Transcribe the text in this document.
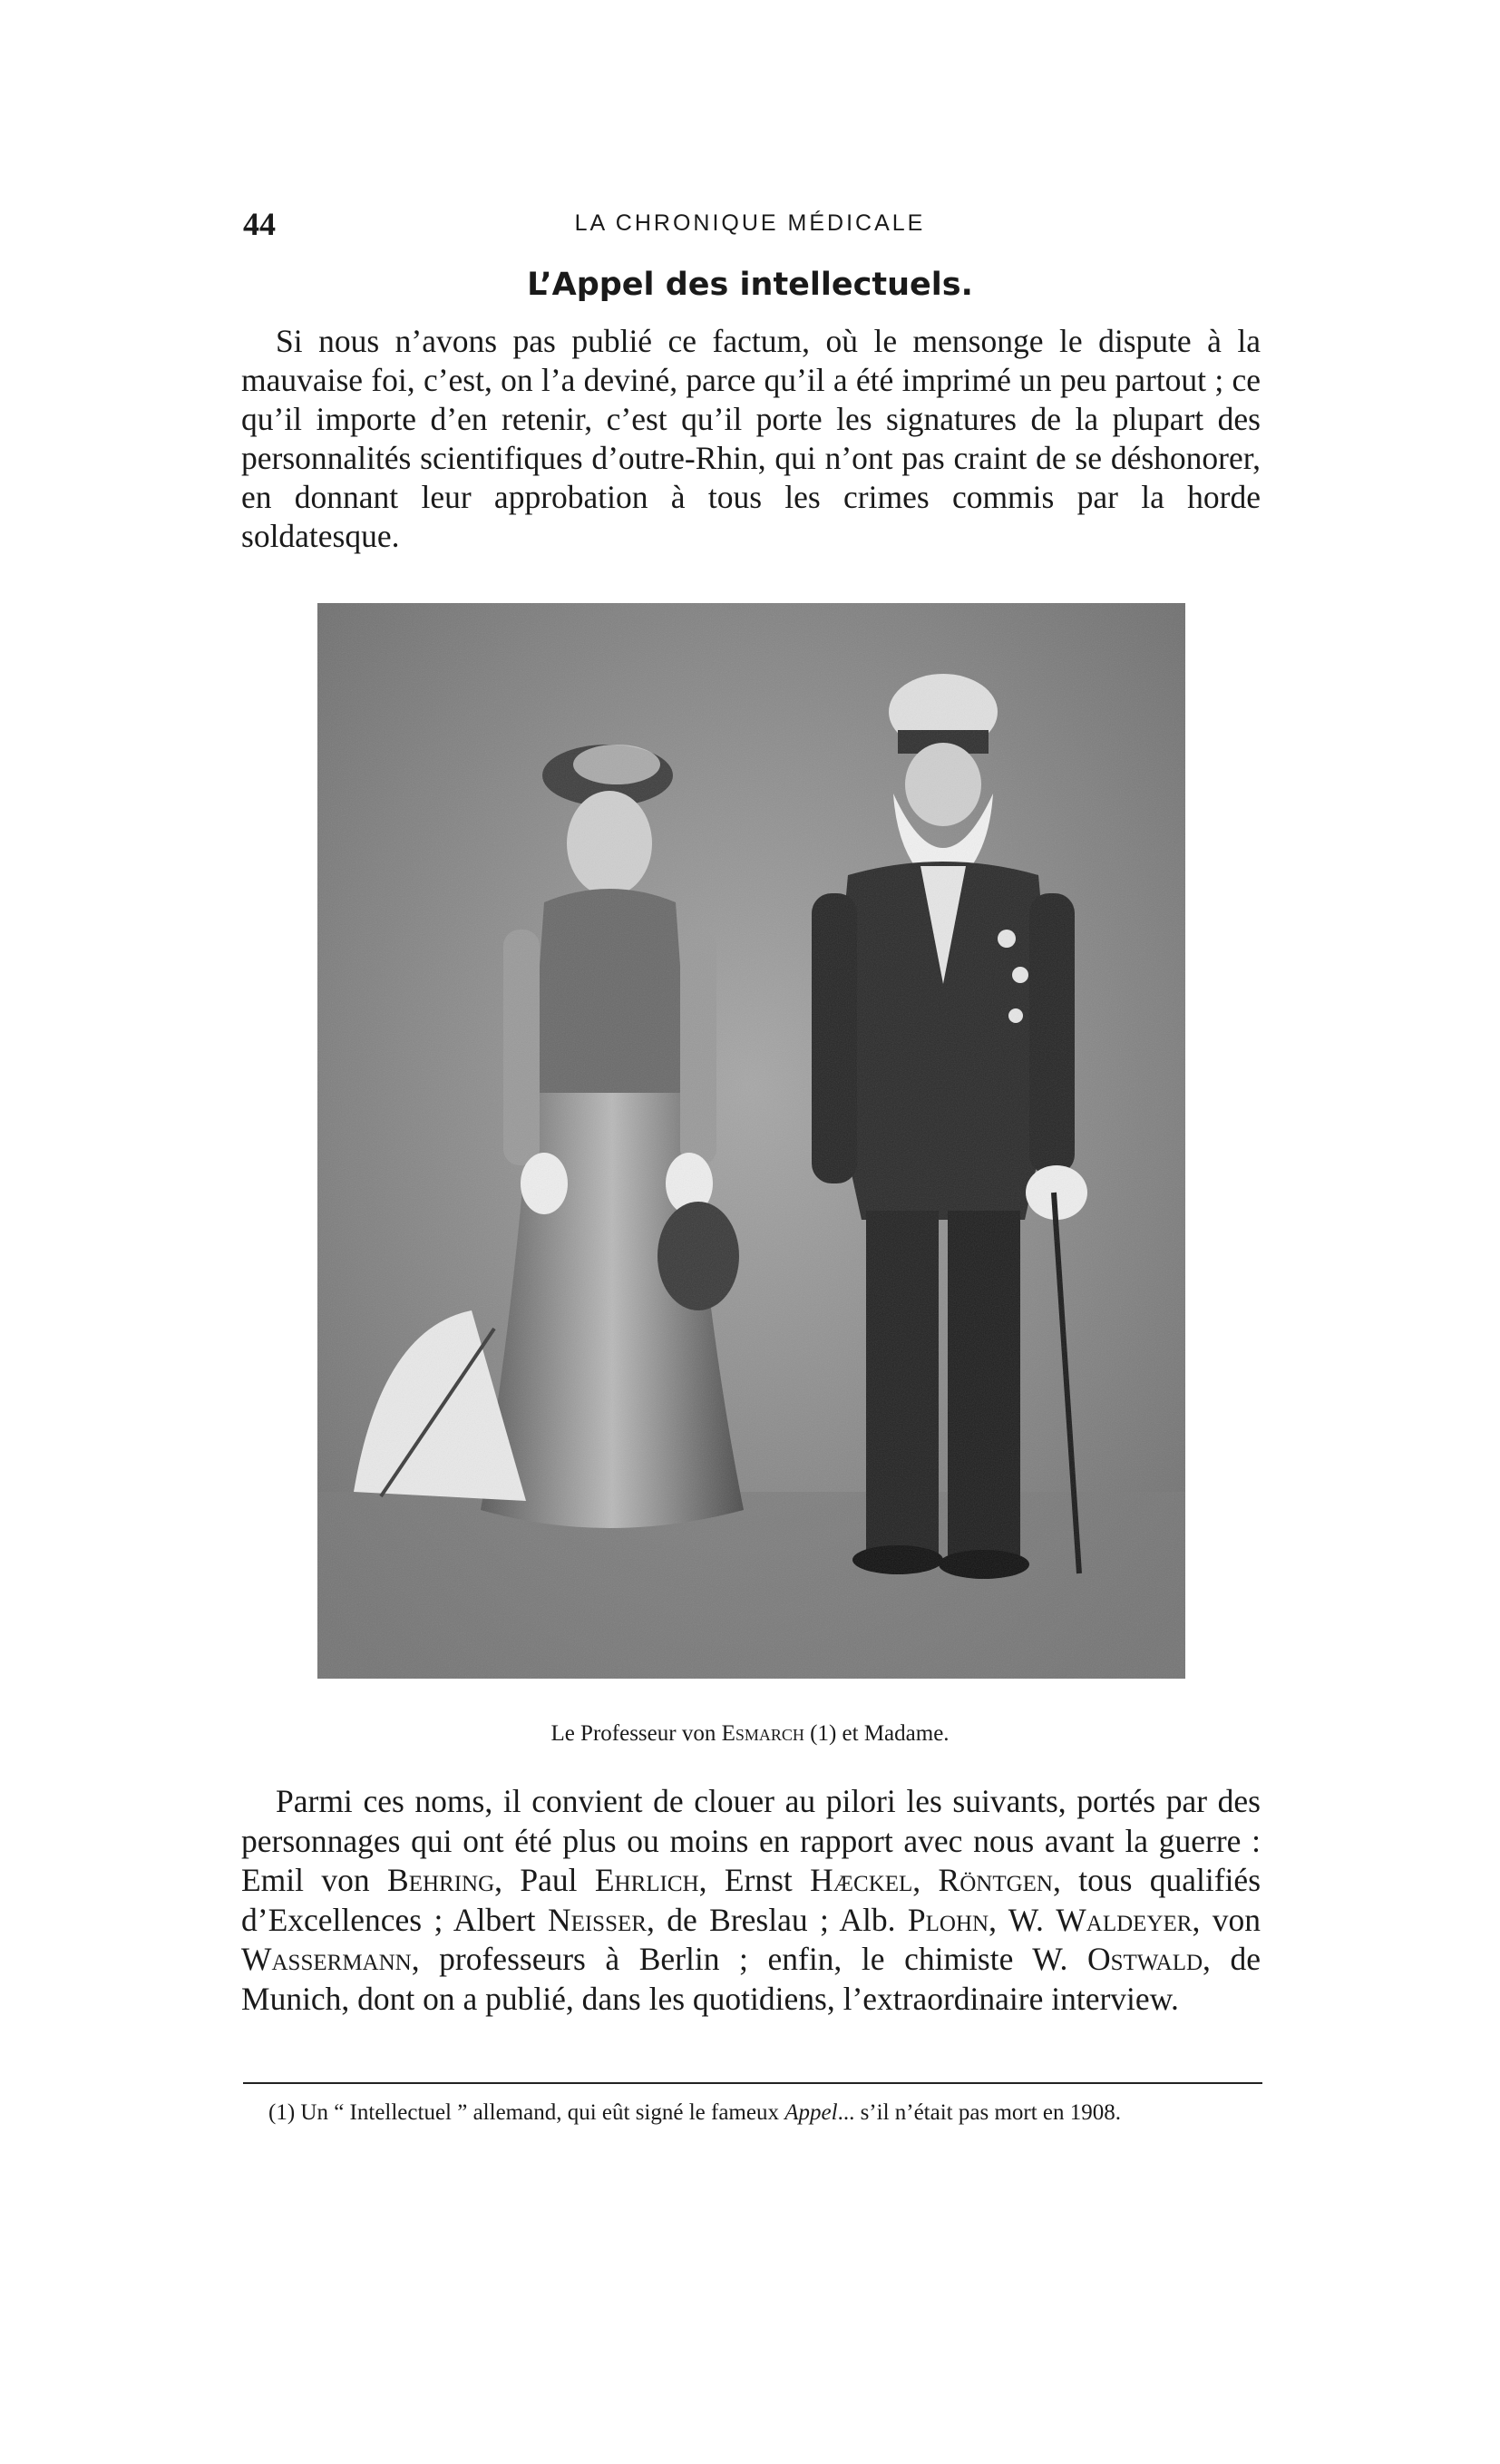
44	LA CHRONIQUE MÉDICALE
L’Appel des intellectuels.

Si nous n’avons pas publié ce factum, où le mensonge le dispute à la mauvaise foi, c’est, on l’a deviné, parce qu’il a été imprimé un peu partout ; ce qu’il importe d’en retenir, c’est qu’il porte les signatures de la plupart des personnalités scientifiques d’outre-Rhin, qui n’ont pas craint de se déshonorer, en donnant leur approbation à tous les crimes commis par la horde soldatesque.

Le Professeur von Esmarch (1) et Madame.

Parmi ces noms, il convient de clouer au pilori les suivants, portés par des personnages qui ont été plus ou moins en rapport avec nous avant la guerre : Emil von Behring, Paul Ehrlich, Ernst Hæckel, Röntgen, tous qualifiés d’Excellences ; Albert Neisser, de Breslau ; Alb. Plohn, W. Waldeyer, von Wassermann, professeurs à Berlin ; enfin, le chimiste W. Ostwald, de Munich, dont on a publié, dans les quotidiens, l’extraordinaire interview.

(1) Un “ Intellectuel ” allemand, qui eût signé le fameux Appel... s’il n’était pas mort en 1908.
